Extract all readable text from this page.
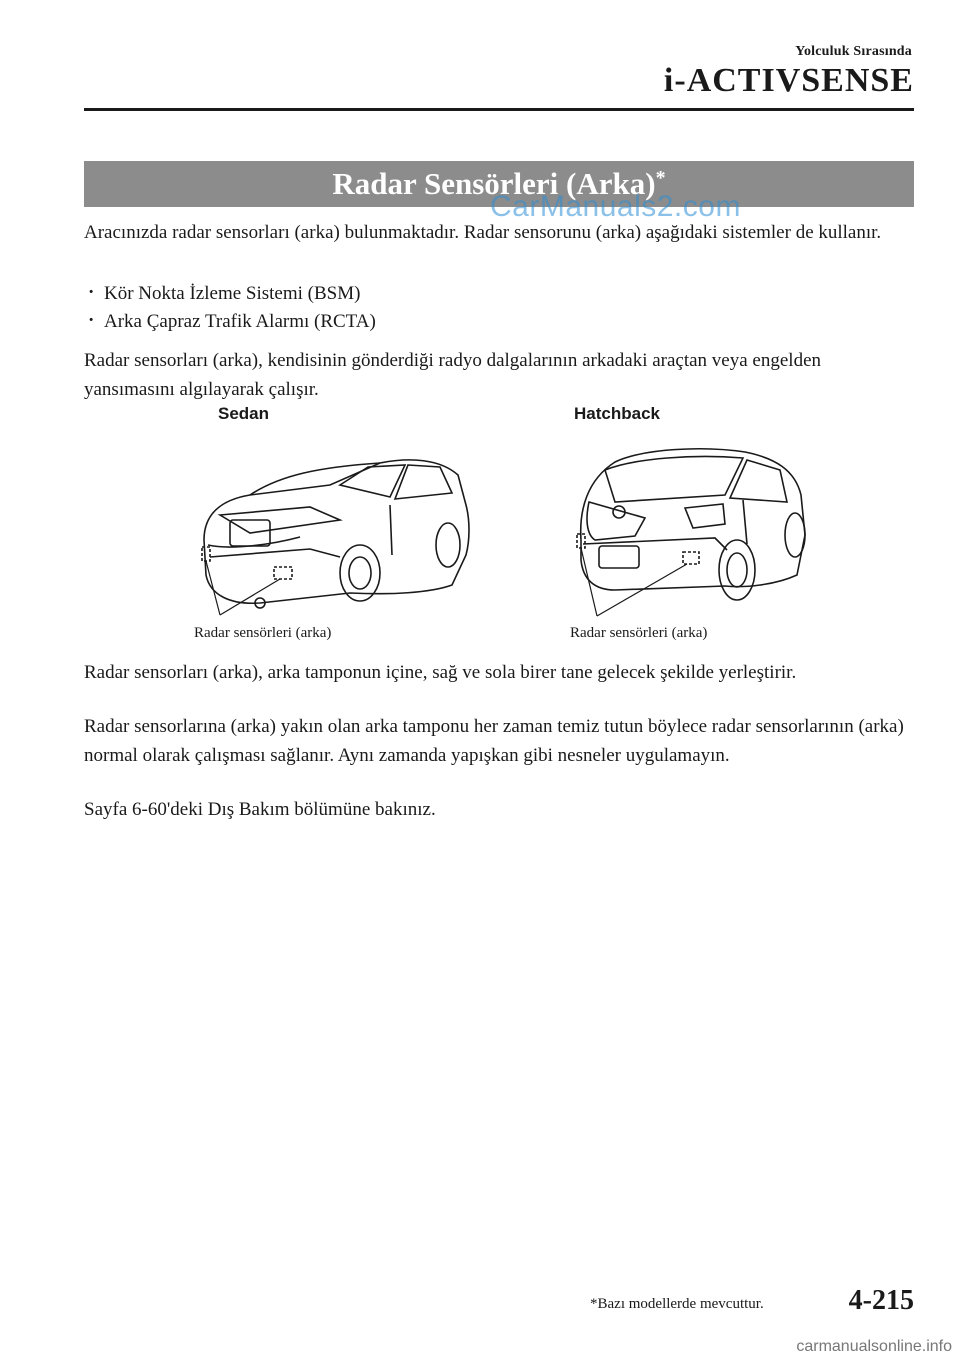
Yolculuk Sırasında
i-ACTIVSENSE
Radar Sensörleri (Arka)*
CarManuals2.com

Aracınızda radar sensorları (arka) bulunmaktadır. Radar sensorunu (arka) aşağıdaki sistemler de kullanır.

· Kör Nokta İzleme Sistemi (BSM)
· Arka Çapraz Trafik Alarmı (RCTA)

Radar sensorları (arka), kendisinin gönderdiği radyo dalgalarının arkadaki araçtan veya engelden yansımasını algılayarak çalışır.

Sedan
Radar sensörleri (arka)
Hatchback
Radar sensörleri (arka)

Radar sensorları (arka), arka tamponun içine, sağ ve sola birer tane gelecek şekilde yerleştirir.

Radar sensorlarına (arka) yakın olan arka tamponu her zaman temiz tutun böylece radar sensorlarının (arka) normal olarak çalışması sağlanır. Aynı zamanda yapışkan gibi nesneler uygulamayın.

Sayfa 6-60'deki Dış Bakım bölümüne bakınız.

*Bazı modellerde mevcuttur.	4-215
carmanualsonline.info
